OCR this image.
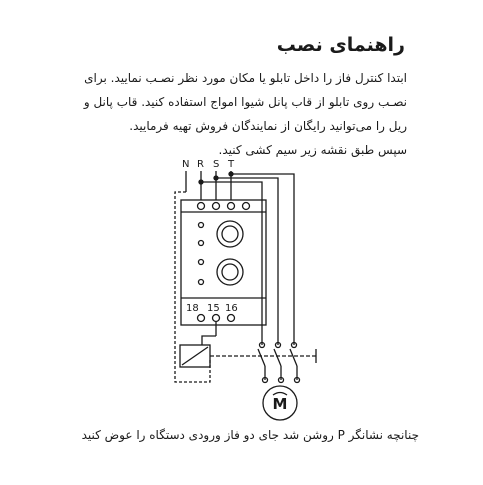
راهنمای نصب

ابتدا کنترل فاز را داخل تابلو یا مکان مورد نظر نصـب نمایید. برای

نصـب روی تابلو از قاب پانل شیوا امواج استفاده کنید. قاب پانل و

ریل را می‌توانید رایگان از نمایندگان فروش تهیه فرمایید.

سپس طبق نقشه زیر سیم کشی کنید.

N R S T
18 15 16
M
چنانچه نشانگر P روشن شد جای دو فاز ورودی دستگاه را عوض کنید
